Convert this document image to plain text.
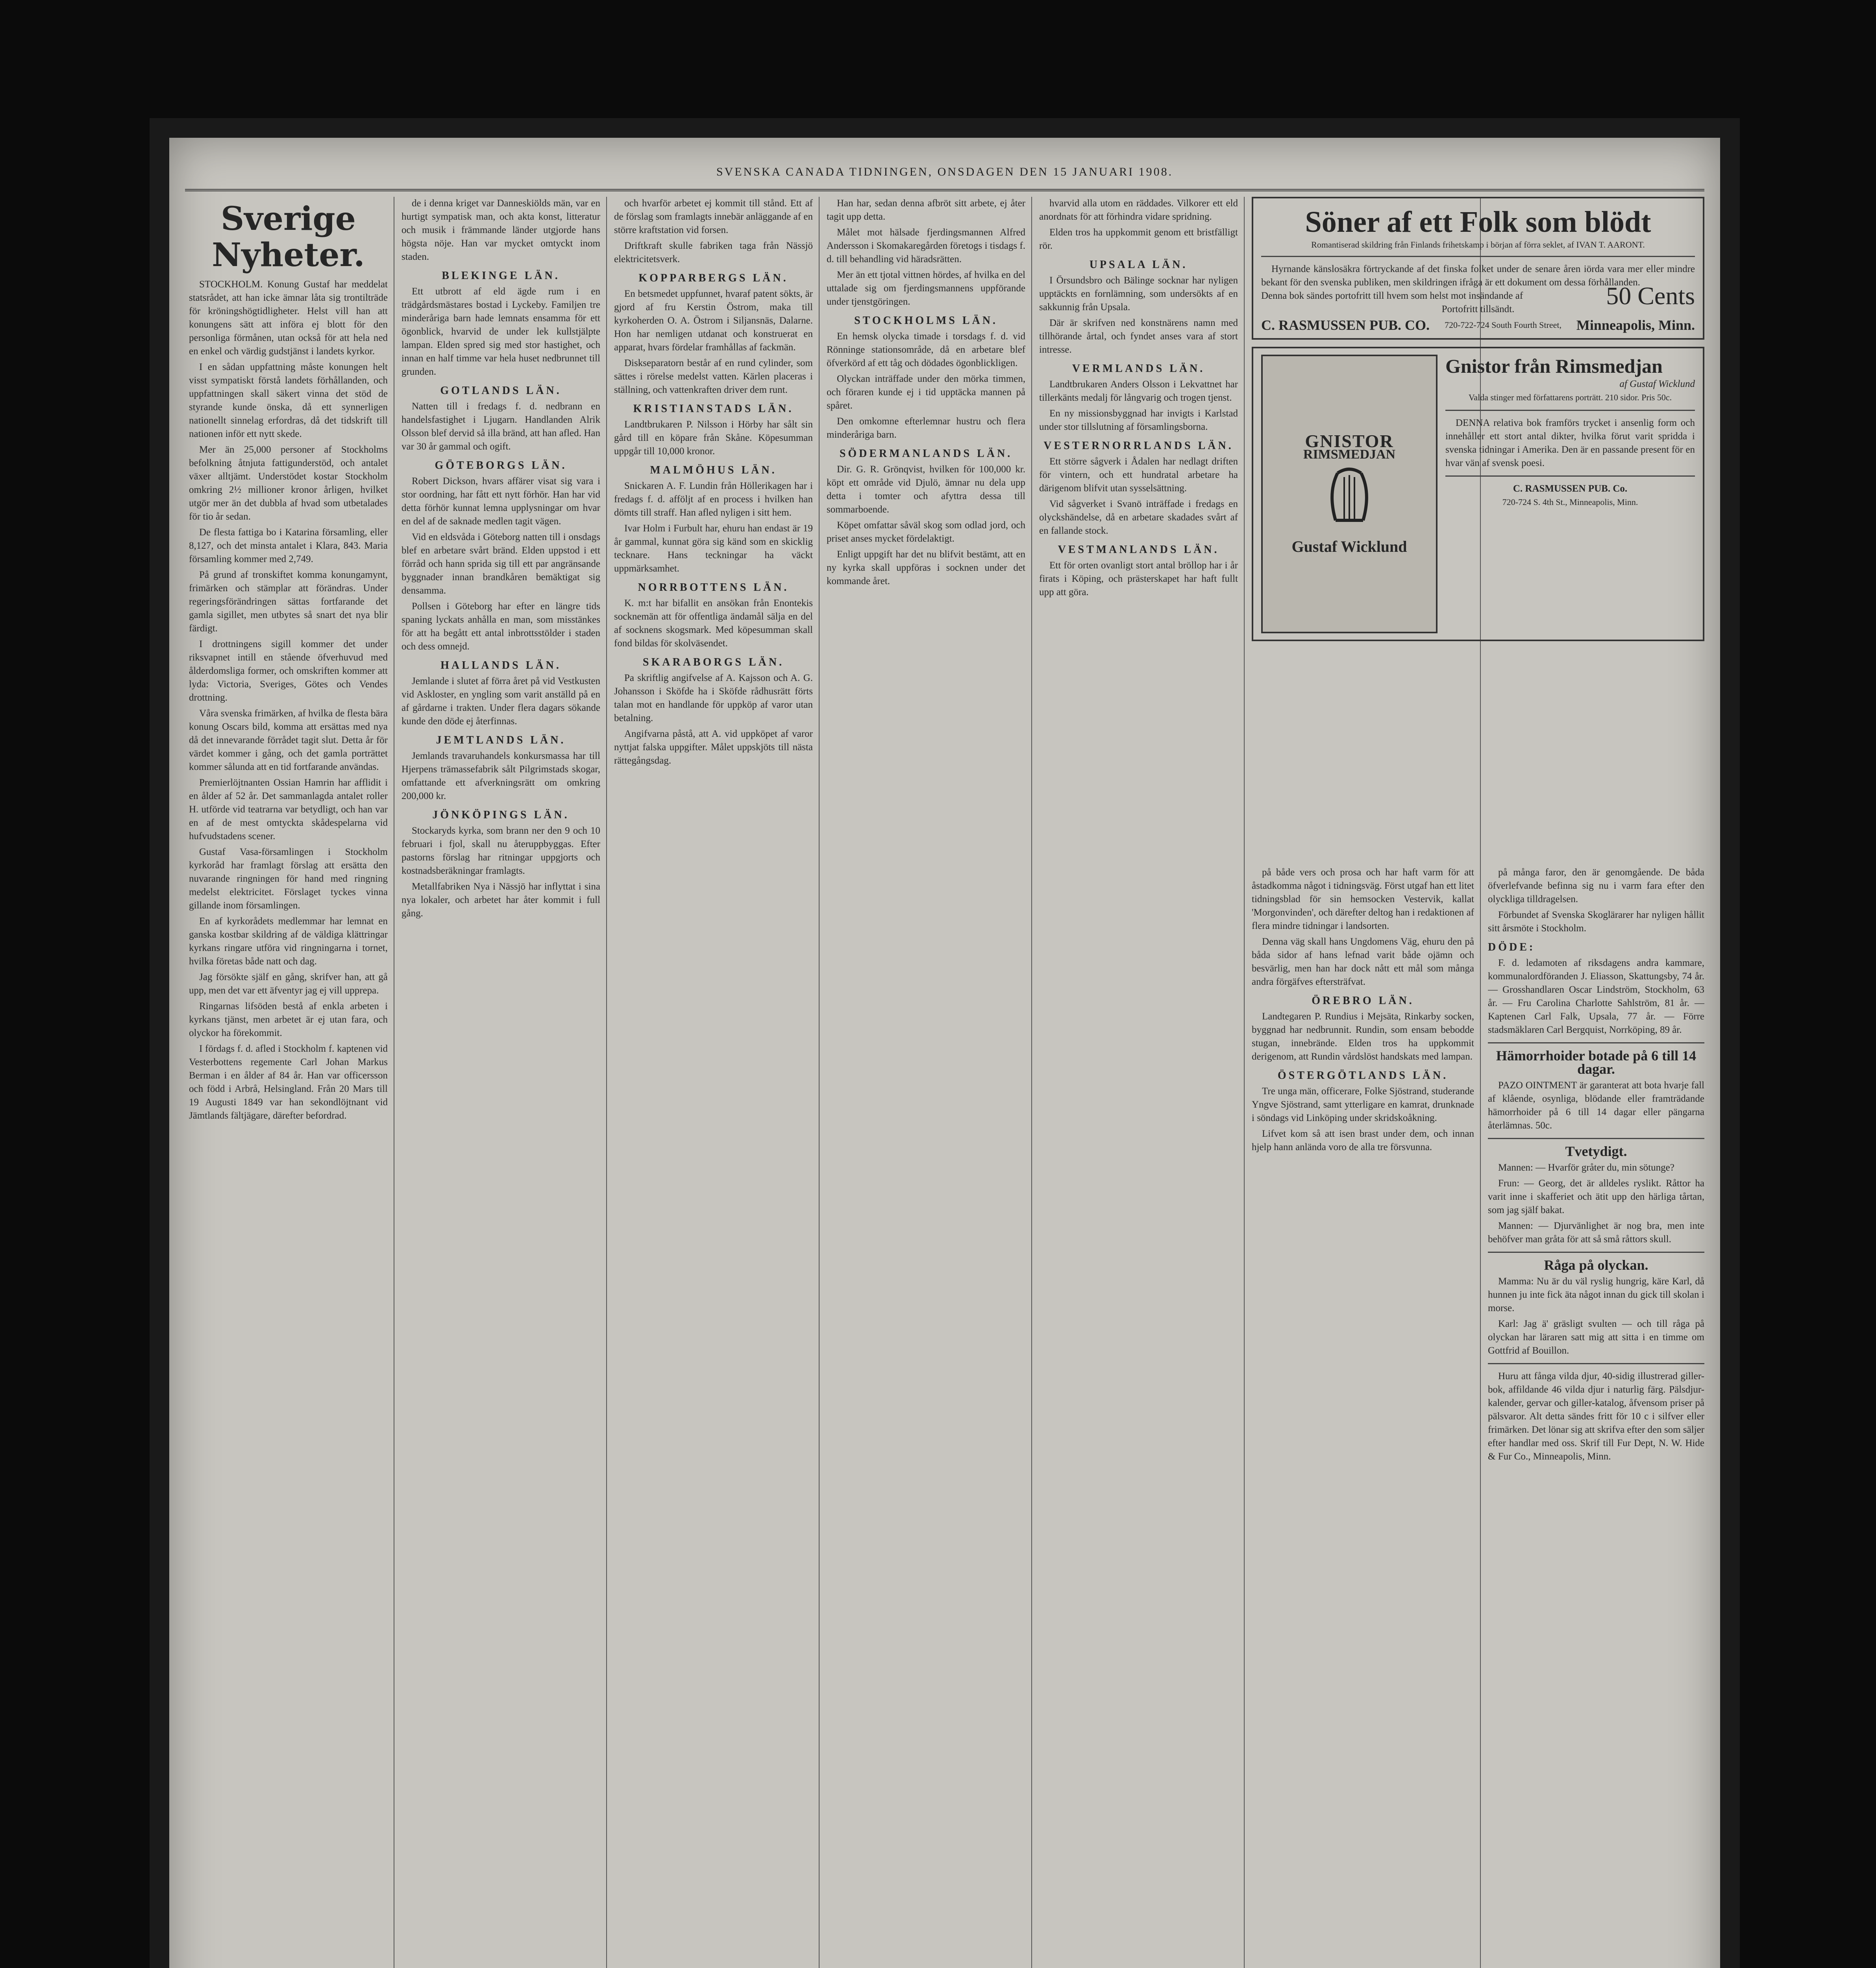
SVENSKA CANADA TIDNINGEN, ONSDAGEN DEN 15 JANUARI 1908.
Sverige Nyheter.

STOCKHOLM. Konung Gustaf har meddelat statsrådet, att han icke ämnar låta sig trontilträde för kröningshögtidligheter. Helst vill han att konungens sätt att införa ej blott för den personliga förmånen, utan också för att hela ned en enkel och värdig gudstjänst i landets kyrkor.

I en sådan uppfattning måste konungen helt visst sympatiskt förstå landets förhållanden, och uppfattningen skall säkert vinna det stöd de styrande kunde önska, då ett synnerligen nationellt sinnelag erfordras, då det tidskrift till nationen inför ett nytt skede.

Mer än 25,000 personer af Stockholms befolkning åtnjuta fattigunderstöd, och antalet växer alltjämt. Understödet kostar Stockholm omkring 2½ millioner kronor årligen, hvilket utgör mer än det dubbla af hvad som utbetalades för tio år sedan.

De flesta fattiga bo i Katarina församling, eller 8,127, och det minsta antalet i Klara, 843. Maria församling kommer med 2,749.

På grund af tronskiftet komma konungamynt, frimärken och stämplar att förändras. Under regeringsförändringen sättas fortfarande det gamla sigillet, men utbytes så snart det nya blir färdigt.

I drottningens sigill kommer det under riksvapnet intill en stående öfverhuvud med ålderdomsliga former, och omskriften kommer att lyda: Victoria, Sveriges, Götes och Vendes drottning.

Våra svenska frimärken, af hvilka de flesta bära konung Oscars bild, komma att ersättas med nya då det innevarande förrådet tagit slut. Detta år för värdet kommer i gång, och det gamla porträttet kommer sålunda att en tid fortfarande användas.

Premierlöjtnanten Ossian Hamrin har afflidit i en ålder af 52 år. Det sammanlagda antalet roller H. utförde vid teatrarna var betydligt, och han var en af de mest omtyckta skådespelarna vid hufvudstadens scener.

Gustaf Vasa-församlingen i Stockholm kyrkoråd har framlagt förslag att ersätta den nuvarande ringningen för hand med ringning medelst elektricitet. Förslaget tyckes vinna gillande inom församlingen.

En af kyrkorådets medlemmar har lemnat en ganska kostbar skildring af de väldiga klättringar kyrkans ringare utföra vid ringningarna i tornet, hvilka företas både natt och dag.

Jag försökte själf en gång, skrifver han, att gå upp, men det var ett äfventyr jag ej vill upprepa.

Ringarnas lifsöden bestå af enkla arbeten i kyrkans tjänst, men arbetet är ej utan fara, och olyckor ha förekommit.

I fördags f. d. afled i Stockholm f. kaptenen vid Vesterbottens regemente Carl Johan Markus Berman i en ålder af 84 år. Han var officersson och född i Arbrå, Helsingland. Från 20 Mars till 19 Augusti 1849 var han sekondlöjtnant vid Jämtlands fältjägare, därefter befordrad.

de i denna kriget var Danneskiölds män, var en hurtigt sympatisk man, och akta konst, litteratur och musik i främmande länder utgjorde hans högsta nöje. Han var mycket omtyckt inom staden.

BLEKINGE LÄN.

Ett utbrott af eld ägde rum i en trädgårdsmästares bostad i Lyckeby. Familjen tre minderåriga barn hade lemnats ensamma för ett ögonblick, hvarvid de under lek kullstjälpte lampan. Elden spred sig med stor hastighet, och innan en half timme var hela huset nedbrunnet till grunden.

GOTLANDS LÄN.

Natten till i fredags f. d. nedbrann en handelsfastighet i Ljugarn. Handlanden Alrik Olsson blef dervid så illa bränd, att han afled. Han var 30 år gammal och ogift.

GÖTEBORGS LÄN.

Robert Dickson, hvars affärer visat sig vara i stor oordning, har fått ett nytt förhör. Han har vid detta förhör kunnat lemna upplysningar om hvar en del af de saknade medlen tagit vägen.

Vid en eldsvåda i Göteborg natten till i onsdags blef en arbetare svårt bränd. Elden uppstod i ett förråd och hann sprida sig till ett par angränsande byggnader innan brandkåren bemäktigat sig densamma.

Pollsen i Göteborg har efter en längre tids spaning lyckats anhålla en man, som misstänkes för att ha begått ett antal inbrottsstölder i staden och dess omnejd.

HALLANDS LÄN.

Jemlande i slutet af förra året på vid Vestkusten vid Askloster, en yngling som varit anställd på en af gårdarne i trakten. Under flera dagars sökande kunde den döde ej återfinnas.

JEMTLANDS LÄN.

Jemlands travaruhandels konkursmassa har till Hjerpens trämassefabrik sålt Pilgrimstads skogar, omfattande ett afverkningsrätt om omkring 200,000 kr.

JÖNKÖPINGS LÄN.

Stockaryds kyrka, som brann ner den 9 och 10 februari i fjol, skall nu återuppbyggas. Efter pastorns förslag har ritningar uppgjorts och kostnadsberäkningar framlagts.

Metallfabriken Nya i Nässjö har inflyttat i sina nya lokaler, och arbetet har åter kommit i full gång.

och hvarför arbetet ej kommit till stånd. Ett af de förslag som framlagts innebär anläggande af en större kraftstation vid forsen.

Driftkraft skulle fabriken taga från Nässjö elektricitetsverk.

KOPPARBERGS LÄN.

En betsmedet uppfunnet, hvaraf patent sökts, är gjord af fru Kerstin Östrom, maka till kyrkoherden O. A. Östrom i Siljansnäs, Dalarne. Hon har nemligen utdanat och konstruerat en apparat, hvars fördelar framhållas af fackmän.

Diskseparatorn består af en rund cylinder, som sättes i rörelse medelst vatten. Kärlen placeras i ställning, och vattenkraften driver dem runt.

KRISTIANSTADS LÄN.

Landtbrukaren P. Nilsson i Hörby har sålt sin gård till en köpare från Skåne. Köpesumman uppgår till 10,000 kronor.

MALMÖHUS LÄN.

Snickaren A. F. Lundin från Höllerikagen har i fredags f. d. afföljt af en process i hvilken han dömts till straff. Han afled nyligen i sitt hem.

Ivar Holm i Furbult har, ehuru han endast är 19 år gammal, kunnat göra sig känd som en skicklig tecknare. Hans teckningar ha väckt uppmärksamhet.

NORRBOTTENS LÄN.

K. m:t har bifallit en ansökan från Enontekis socknemän att för offentliga ändamål sälja en del af socknens skogsmark. Med köpesumman skall fond bildas för skolväsendet.

SKARABORGS LÄN.

Pa skriftlig angifvelse af A. Kajsson och A. G. Johansson i Sköfde ha i Sköfde rådhusrätt förts talan mot en handlande för uppköp af varor utan betalning.

Angifvarna påstå, att A. vid uppköpet af varor nyttjat falska uppgifter. Målet uppskjöts till nästa rättegångsdag.

Han har, sedan denna afbröt sitt arbete, ej åter tagit upp detta.

Målet mot hälsade fjerdingsmannen Alfred Andersson i Skomakaregården företogs i tisdags f. d. till behandling vid häradsrätten.

Mer än ett tjotal vittnen hördes, af hvilka en del uttalade sig om fjerdingsmannens uppförande under tjenstgöringen.

STOCKHOLMS LÄN.

En hemsk olycka timade i torsdags f. d. vid Rönninge stationsområde, då en arbetare blef öfverkörd af ett tåg och dödades ögonblickligen.

Olyckan inträffade under den mörka timmen, och föraren kunde ej i tid upptäcka mannen på spåret.

Den omkomne efterlemnar hustru och flera minderåriga barn.

SÖDERMANLANDS LÄN.

Dir. G. R. Grönqvist, hvilken för 100,000 kr. köpt ett område vid Djulö, ämnar nu dela upp detta i tomter och afyttra dessa till sommarboende.

Köpet omfattar såväl skog som odlad jord, och priset anses mycket fördelaktigt.

Enligt uppgift har det nu blifvit bestämt, att en ny kyrka skall uppföras i socknen under det kommande året.

hvarvid alla utom en räddades. Vilkorer ett eld anordnats för att förhindra vidare spridning.

Elden tros ha uppkommit genom ett bristfälligt rör.

UPSALA LÄN.

I Örsundsbro och Bälinge socknar har nyligen upptäckts en fornlämning, som undersökts af en sakkunnig från Upsala.

Där är skrifven ned konstnärens namn med tillhörande årtal, och fyndet anses vara af stort intresse.

VERMLANDS LÄN.

Landtbrukaren Anders Olsson i Lekvattnet har tillerkänts medalj för långvarig och trogen tjenst.

En ny missionsbyggnad har invigts i Karlstad under stor tillslutning af församlingsborna.

VESTERNORRLANDS LÄN.

Ett större sågverk i Ådalen har nedlagt driften för vintern, och ett hundratal arbetare ha därigenom blifvit utan sysselsättning.

Vid sågverket i Svanö inträffade i fredags en olyckshändelse, då en arbetare skadades svårt af en fallande stock.

VESTMANLANDS LÄN.

Ett för orten ovanligt stort antal bröllop har i år firats i Köping, och prästerskapet har haft fullt upp att göra.

Söner af ett Folk som blödt
Romantiserad skildring från Finlands frihetskamp i början af förra seklet, af IVAN T. AARONT.

Hyrnande känslosäkra förtryckande af det finska folket under de senare åren iörda vara mer eller mindre bekant för den svenska publiken, men skildringen ifråga är ett dokument om dessa förhållanden.

Denna bok sändes portofritt till hvem som helst mot insändande af	50 Cents
Portofritt tillsändt.
C. RASMUSSEN PUB. CO. 720-722-724 South Fourth Street, Minneapolis, Minn.
GNISTOR
RIMSMEDJAN
Gustaf Wicklund
Gnistor från Rimsmedjan
af Gustaf Wicklund
Valda stinger med författarens porträtt. 210 sidor. Pris 50c.

DENNA relativa bok framförs trycket i ansenlig form och innehåller ett stort antal dikter, hvilka förut varit spridda i svenska tidningar i Amerika. Den är en passande present för en hvar vän af svensk poesi.

C. RASMUSSEN PUB. Co.
720-724 S. 4th St., Minneapolis, Minn.

på både vers och prosa och har haft varm för att åstadkomma något i tidningsväg. Först utgaf han ett litet tidningsblad för sin hemsocken Vestervik, kallat 'Morgonvinden', och därefter deltog han i redaktionen af flera mindre tidningar i landsorten.

Denna väg skall hans Ungdomens Väg, ehuru den på båda sidor af hans lefnad varit både ojämn och besvärlig, men han har dock nått ett mål som många andra förgäfves eftersträfvat.

ÖREBRO LÄN.

Landtegaren P. Rundius i Mejsäta, Rinkarby socken, byggnad har nedbrunnit. Rundin, som ensam bebodde stugan, innebrände. Elden tros ha uppkommit derigenom, att Rundin vårdslöst handskats med lampan.

ÖSTERGÖTLANDS LÄN.

Tre unga män, officerare, Folke Sjöstrand, studerande Yngve Sjöstrand, samt ytterligare en kamrat, drunknade i söndags vid Linköping under skridskoåkning.

Lifvet kom så att isen brast under dem, och innan hjelp hann anlända voro de alla tre försvunna.

på många faror, den är genomgående. De båda öfverlefvande befinna sig nu i varm fara efter den olyckliga tilldragelsen.

Förbundet af Svenska Skoglärarer har nyligen hållit sitt årsmöte i Stockholm.

DÖDE:

F. d. ledamoten af riksdagens andra kammare, kommunalordföranden J. Eliasson, Skattungsby, 74 år. — Grosshandlaren Oscar Lindström, Stockholm, 63 år. — Fru Carolina Charlotte Sahlström, 81 år. — Kaptenen Carl Falk, Upsala, 77 år. — Förre stadsmäklaren Carl Bergquist, Norrköping, 89 år.

Hämorrhoider botade på 6 till 14 dagar.

PAZO OINTMENT är garanterat att bota hvarje fall af klående, osynliga, blödande eller framträdande hämorrhoider på 6 till 14 dagar eller pängarna återlämnas. 50c.

Tvetydigt.

Mannen: — Hvarför gråter du, min sötunge?

Frun: — Georg, det är alldeles ryslikt. Råttor ha varit inne i skafferiet och ätit upp den härliga tårtan, som jag själf bakat.

Mannen: — Djurvänlighet är nog bra, men inte behöfver man gråta för att så små råttors skull.

Råga på olyckan.

Mamma: Nu är du väl ryslig hungrig, käre Karl, då hunnen ju inte fick äta något innan du gick till skolan i morse.

Karl: Jag ä' gräsligt svulten — och till råga på olyckan har läraren satt mig att sitta i en timme om Gottfrid af Bouillon.

Huru att fånga vilda djur, 40-sidig illustrerad giller-bok, affildande 46 vilda djur i naturlig färg. Pälsdjur-kalender, gervar och giller-katalog, åfvensom priser på pälsvaror. Alt detta sändes fritt för 10 c i silfver eller frimärken. Det lönar sig att skrifva efter den som säljer efter handlar med oss. Skrif till Fur Dept, N. W. Hide & Fur Co., Minneapolis, Minn.
